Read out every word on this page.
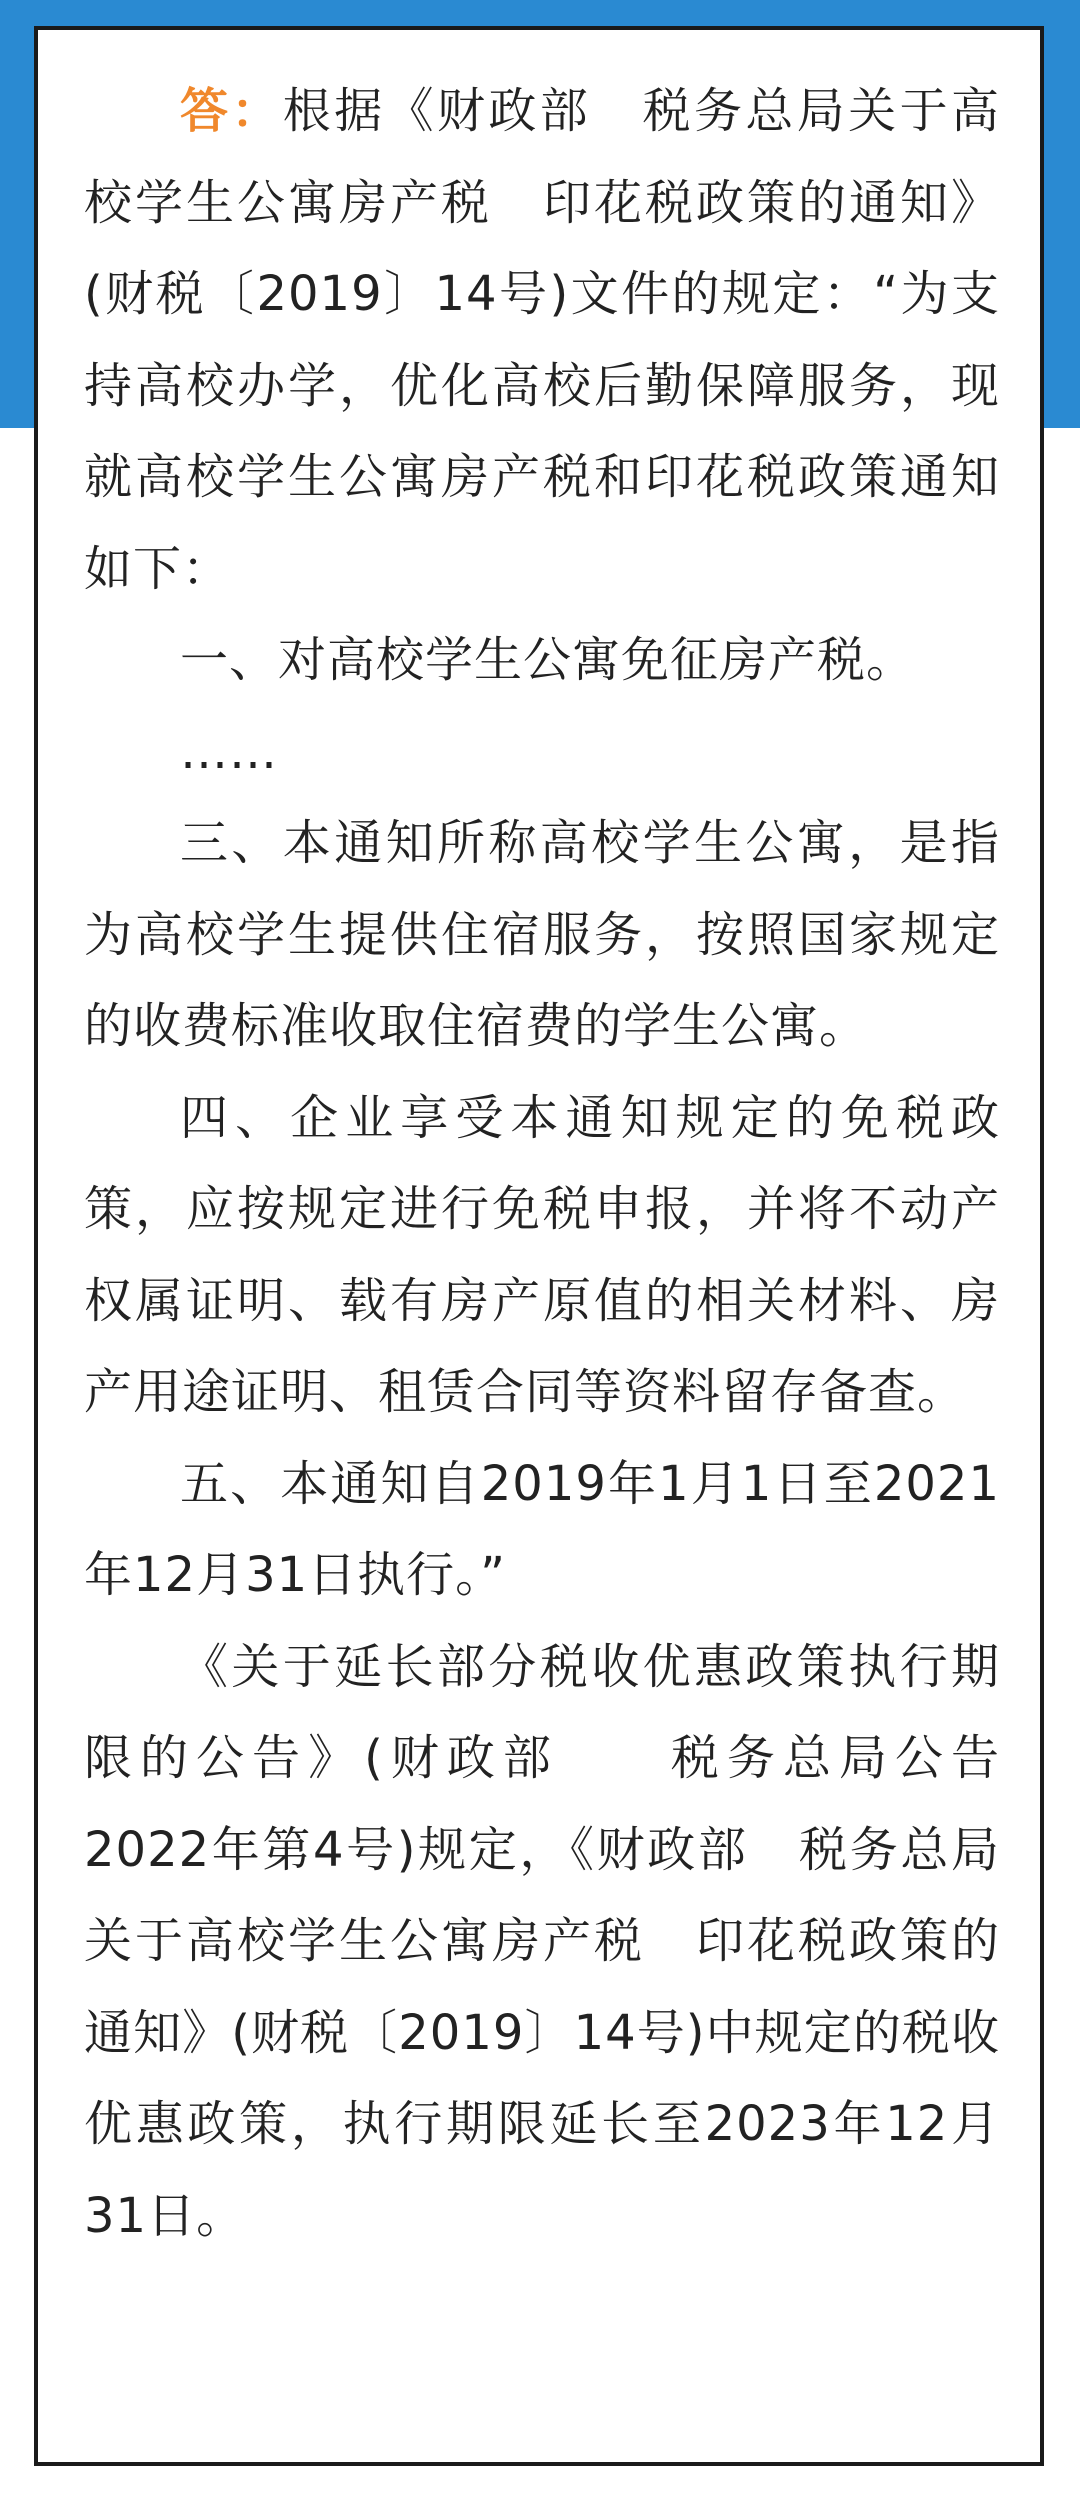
答：根据《财政部　税务总局关于高校学生公寓房产税　印花税政策的通知》(财税〔2019〕14号)文件的规定：“为支持高校办学，优化高校后勤保障服务，现就高校学生公寓房产税和印花税政策通知如下：

一、对高校学生公寓免征房产税。

……

三、本通知所称高校学生公寓，是指为高校学生提供住宿服务，按照国家规定的收费标准收取住宿费的学生公寓。

四、企业享受本通知规定的免税政策，应按规定进行免税申报，并将不动产权属证明、载有房产原值的相关材料、房产用途证明、租赁合同等资料留存备查。

五、本通知自2019年1月1日至2021年12月31日执行。”

《关于延长部分税收优惠政策执行期限的公告》(财政部　　税务总局公告2022年第4号)规定，《财政部　税务总局关于高校学生公寓房产税　印花税政策的通知》(财税〔2019〕14号)中规定的税收优惠政策，执行期限延长至2023年12月31日。
